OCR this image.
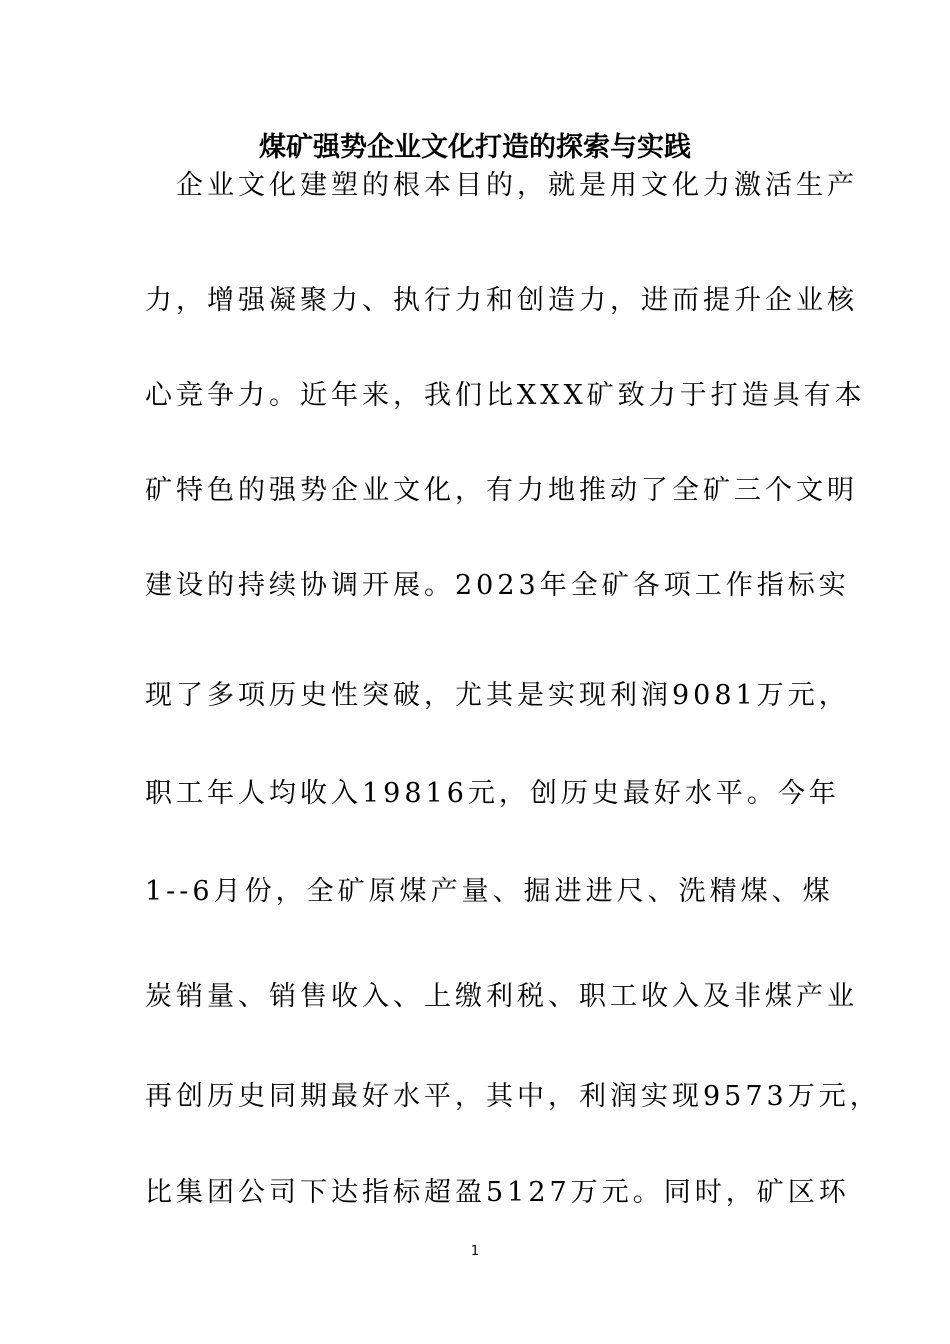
煤矿强势企业文化打造的探索与实践
　企业文化建塑的根本目的，就是用文化力激活生产
力，增强凝聚力、执行力和创造力，进而提升企业核
心竞争力。近年来，我们比XXX矿致力于打造具有本
矿特色的强势企业文化，有力地推动了全矿三个文明
建设的持续协调开展。2023年全矿各项工作指标实
现了多项历史性突破，尤其是实现利润9081万元，
职工年人均收入19816元，创历史最好水平。今年
1--6月份，全矿原煤产量、掘进进尺、洗精煤、煤
炭销量、销售收入、上缴利税、职工收入及非煤产业
再创历史同期最好水平，其中，利润实现9573万元，
比集团公司下达指标超盈5127万元。同时，矿区环
1
